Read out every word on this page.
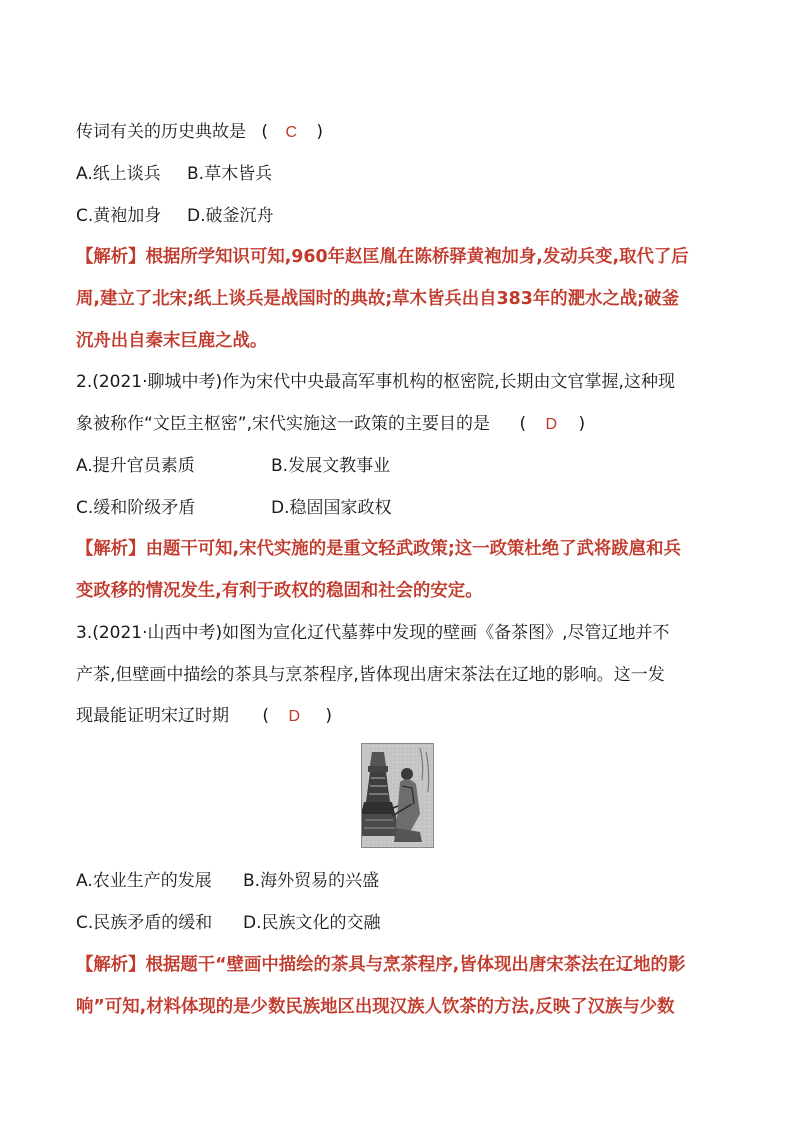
传词有关的历史典故是 ( C )
A.纸上谈兵 B.草木皆兵
C.黄袍加身 D.破釜沉舟
【解析】根据所学知识可知,960年赵匡胤在陈桥驿黄袍加身,发动兵变,取代了后
周,建立了北宋;纸上谈兵是战国时的典故;草木皆兵出自383年的淝水之战;破釜
沉舟出自秦末巨鹿之战。
2.(2021·聊城中考)作为宋代中央最高军事机构的枢密院,长期由文官掌握,这种现
象被称作“文臣主枢密”,宋代实施这一政策的主要目的是 ( D )
A.提升官员素质	B.发展文教事业
C.缓和阶级矛盾	D.稳固国家政权
【解析】由题干可知,宋代实施的是重文轻武政策;这一政策杜绝了武将跋扈和兵
变政移的情况发生,有利于政权的稳固和社会的安定。
3.(2021·山西中考)如图为宣化辽代墓葬中发现的壁画《备茶图》,尽管辽地并不
产茶,但壁画中描绘的茶具与烹茶程序,皆体现出唐宋茶法在辽地的影响。这一发
现最能证明宋辽时期 ( D )
A.农业生产的发展 B.海外贸易的兴盛
C.民族矛盾的缓和 D.民族文化的交融
【解析】根据题干“壁画中描绘的茶具与烹茶程序,皆体现出唐宋茶法在辽地的影
响”可知,材料体现的是少数民族地区出现汉族人饮茶的方法,反映了汉族与少数
